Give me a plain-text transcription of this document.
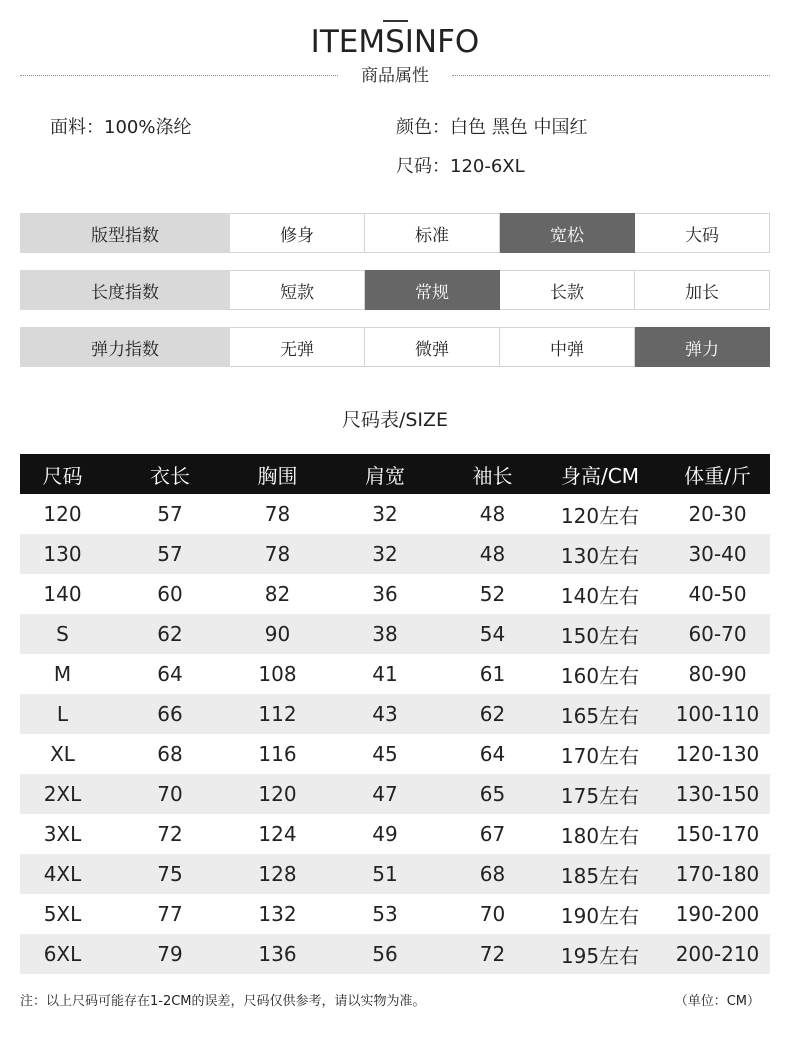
ITEMSINFO
商品属性
面料：100%涤纶	颜色：白色 黑色 中国红
尺码：120-6XL
版型指数	修身	标准	宽松	大码
长度指数	短款	常规	长款	加长
弹力指数	无弹	微弹	中弹	弹力
尺码表/SIZE
尺码	衣长	胸围	肩宽	袖长	身高/CM	体重/斤
120	57	78	32	48	120左右	20-30
130	57	78	32	48	130左右	30-40
140	60	82	36	52	140左右	40-50
S	62	90	38	54	150左右	60-70
M	64	108	41	61	160左右	80-90
L	66	112	43	62	165左右	100-110
XL	68	116	45	64	170左右	120-130
2XL	70	120	47	65	175左右	130-150
3XL	72	124	49	67	180左右	150-170
4XL	75	128	51	68	185左右	170-180
5XL	77	132	53	70	190左右	190-200
6XL	79	136	56	72	195左右	200-210
注：以上尺码可能存在1-2CM的误差，尺码仅供参考，请以实物为准。	（单位：CM）
